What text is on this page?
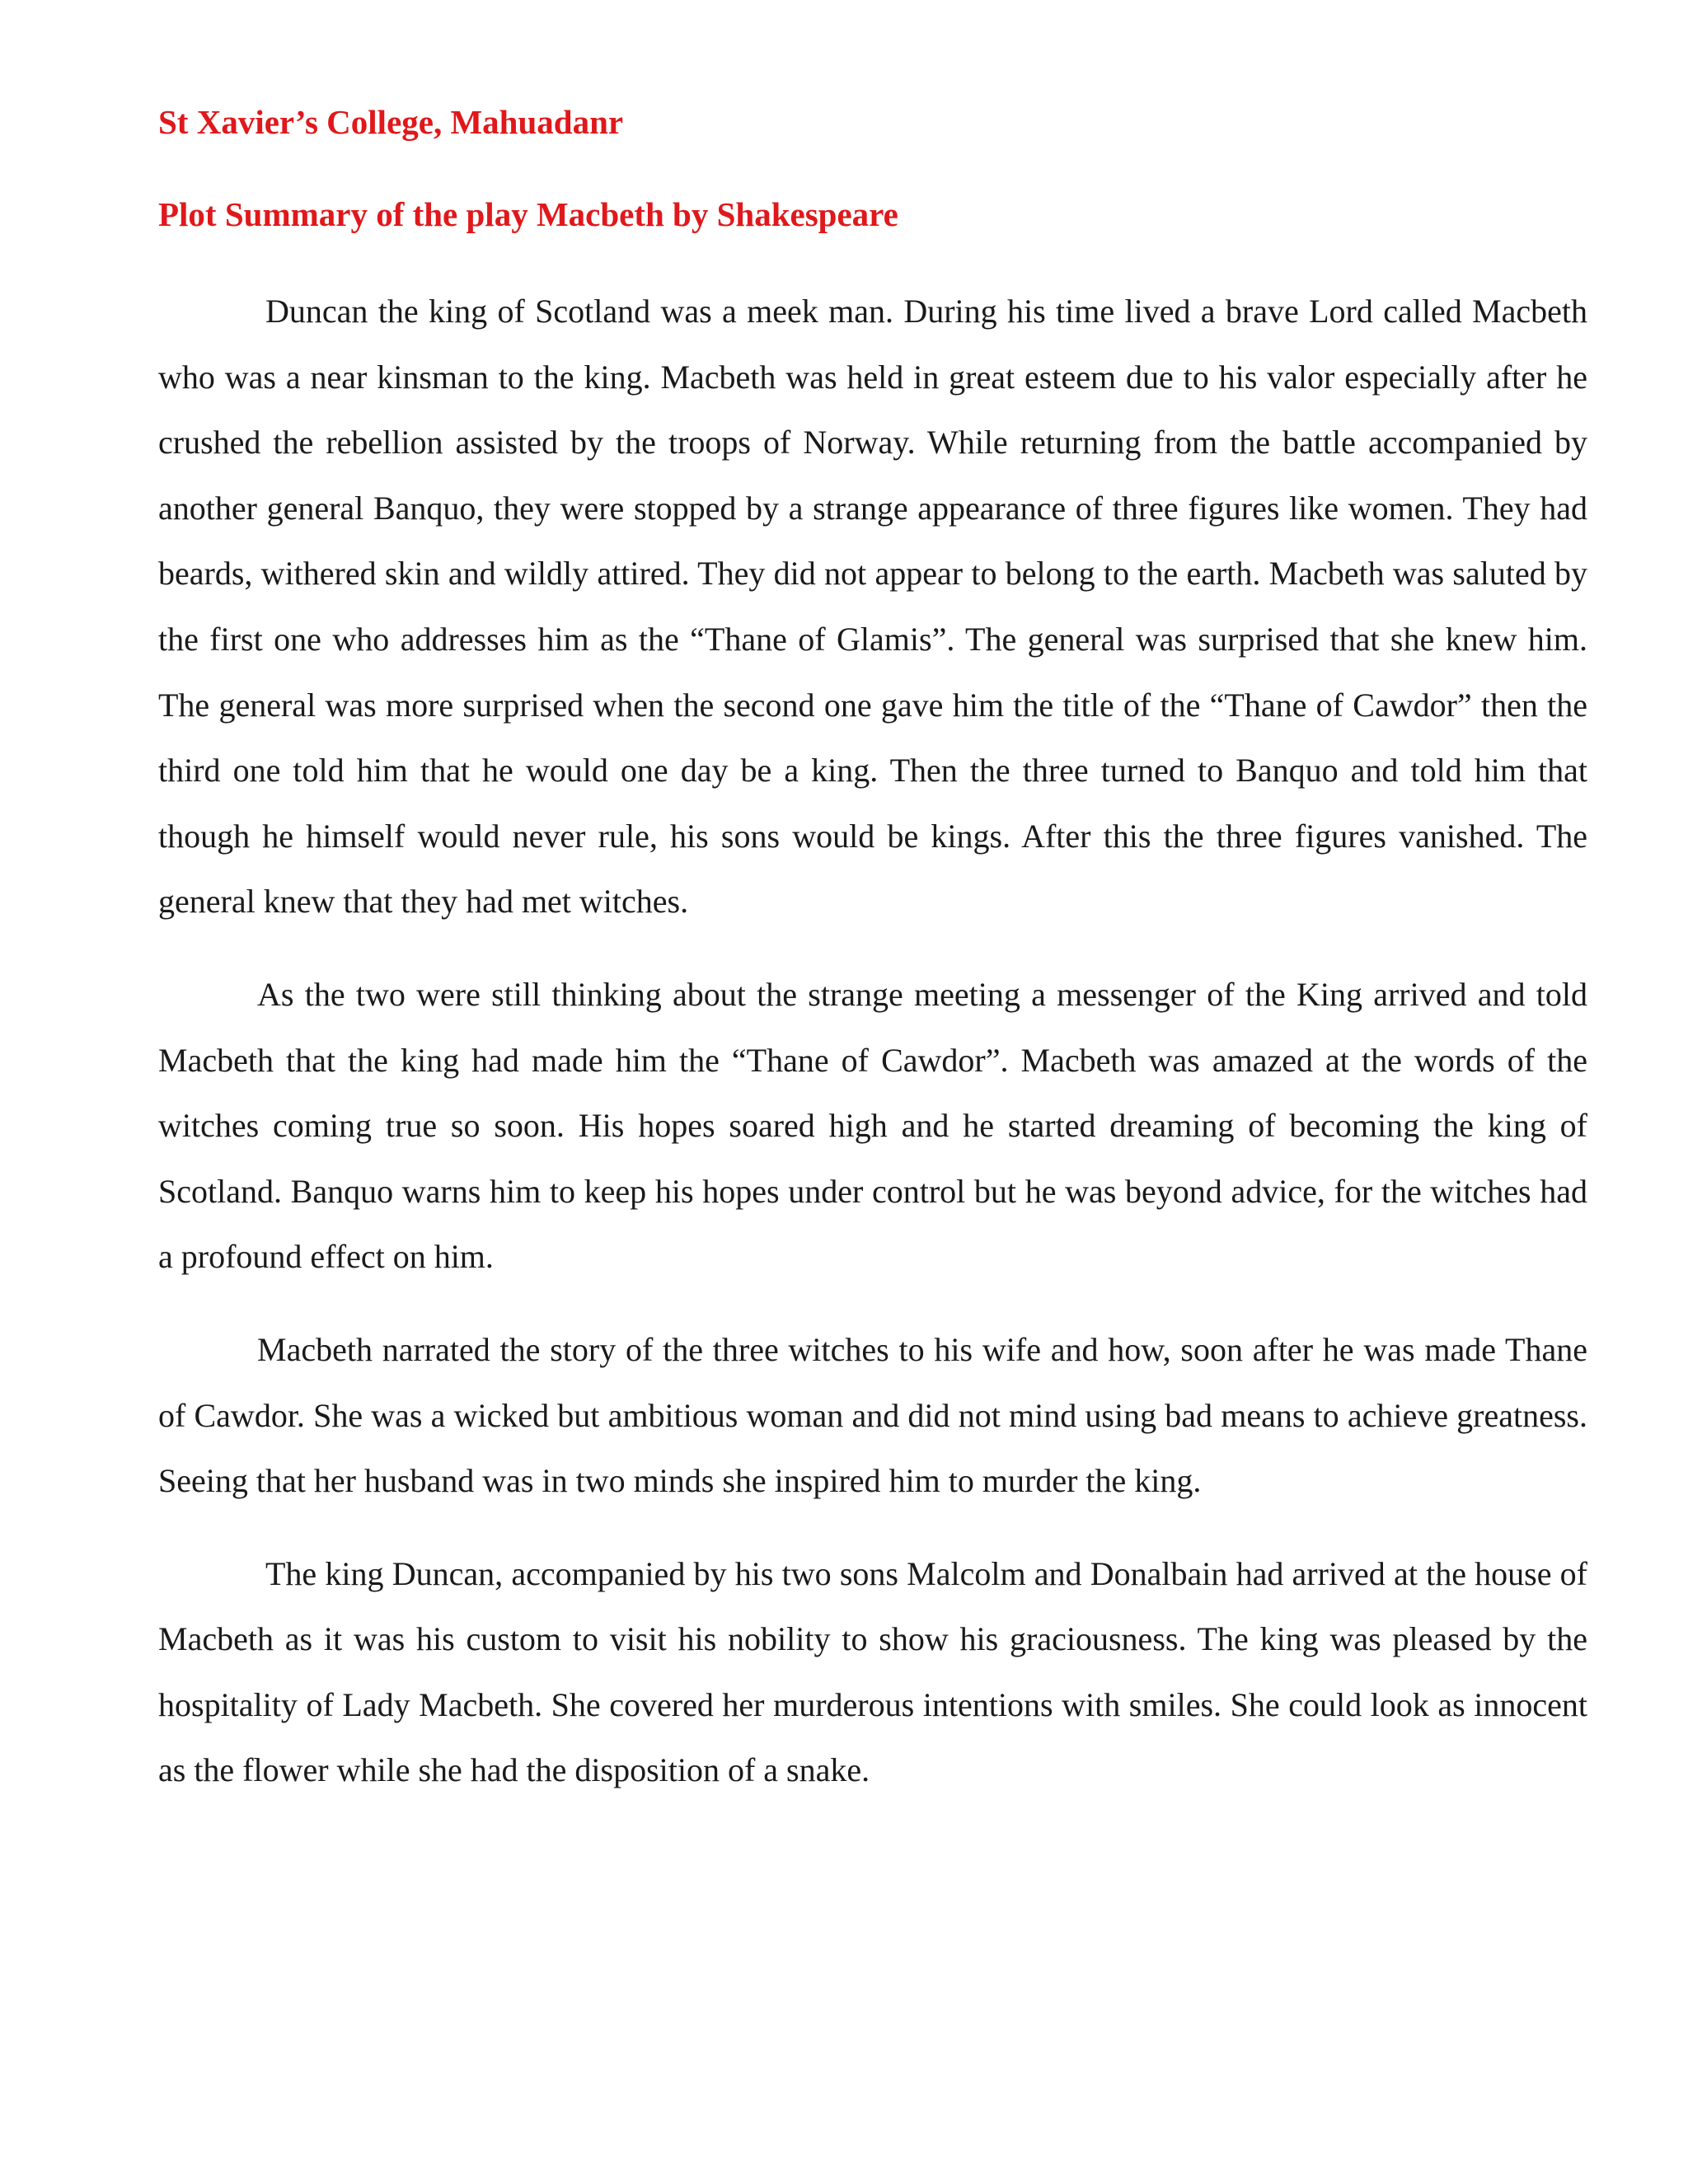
St Xavier’s College, Mahuadanr
Plot Summary of the play Macbeth by Shakespeare

Duncan the king of Scotland was a meek man. During his time lived a brave Lord called Macbeth who was a near kinsman to the king. Macbeth was held in great esteem due to his valor especially after he crushed the rebellion assisted by the troops of Norway. While returning from the battle accompanied by another general Banquo, they were stopped by a strange appearance of three figures like women. They had beards, withered skin and wildly attired. They did not appear to belong to the earth. Macbeth was saluted by the first one who addresses him as the “Thane of Glamis”. The general was surprised that she knew him. The general was more surprised when the second one gave him the title of the “Thane of Cawdor” then the third one told him that he would one day be a king. Then the three turned to Banquo and told him that though he himself would never rule, his sons would be kings. After this the three figures vanished. The general knew that they had met witches.

As the two were still thinking about the strange meeting a messenger of the King arrived and told Macbeth that the king had made him the “Thane of Cawdor”. Macbeth was amazed at the words of the witches coming true so soon. His hopes soared high and he started dreaming of becoming the king of Scotland. Banquo warns him to keep his hopes under control but he was beyond advice, for the witches had a profound effect on him.

Macbeth narrated the story of the three witches to his wife and how, soon after he was made Thane of Cawdor. She was a wicked but ambitious woman and did not mind using bad means to achieve greatness. Seeing that her husband was in two minds she inspired him to murder the king.

The king Duncan, accompanied by his two sons Malcolm and Donalbain had arrived at the house of Macbeth as it was his custom to visit his nobility to show his graciousness. The king was pleased by the hospitality of Lady Macbeth. She covered her murderous intentions with smiles. She could look as innocent as the flower while she had the disposition of a snake.
